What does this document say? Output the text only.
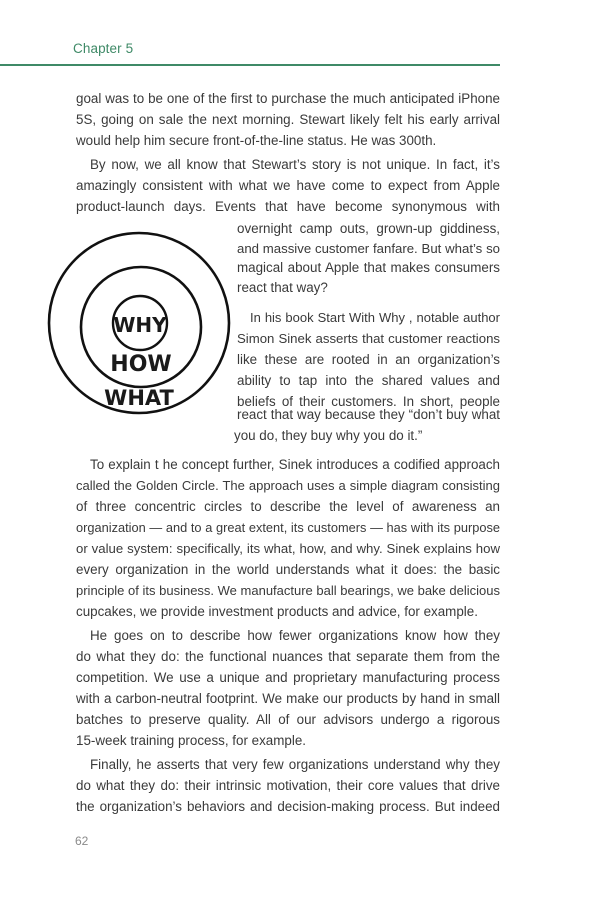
Chapter 5
goal was to be one of the first to purchase the much anticipated iPhone
5S, going on sale the next morning. Stewart likely felt his early arrival
would help him secure front-of-the-line status. He was 300th.
By now, we all know that Stewart’s story is not unique. In fact, it’s
amazingly consistent with what we have come to expect from Apple
product-launch days. Events that have become synonymous with
overnight camp outs, grown-up giddiness,
and massive customer fanfare. But what’s so
magical about Apple that makes consumers
react that way?
WHY
HOW
WHAT
In his book Start With Why , notable author
Simon Sinek asserts that customer reactions
like these are rooted in an organization’s
ability to tap into the shared values and
beliefs of their customers. In short, people
react that way because they “don’t buy what
you do, they buy why you do it.”
To explain t he concept further, Sinek introduces a codified approach
called the Golden Circle. The approach uses a simple diagram consisting
of three concentric circles to describe the level of awareness an
organization — and to a great extent, its customers — has with its purpose
or value system: specifically, its what, how, and why. Sinek explains how
every organization in the world understands what it does: the basic
principle of its business. We manufacture ball bearings, we bake delicious
cupcakes, we provide investment products and advice, for example.
He goes on to describe how fewer organizations know how they
do what they do: the functional nuances that separate them from the
competition. We use a unique and proprietary manufacturing process
with a carbon-neutral footprint. We make our products by hand in small
batches to preserve quality. All of our advisors undergo a rigorous
15-week training process, for example.
Finally, he asserts that very few organizations understand why they
do what they do: their intrinsic motivation, their core values that drive
the organization’s behaviors and decision-making process. But indeed
62
